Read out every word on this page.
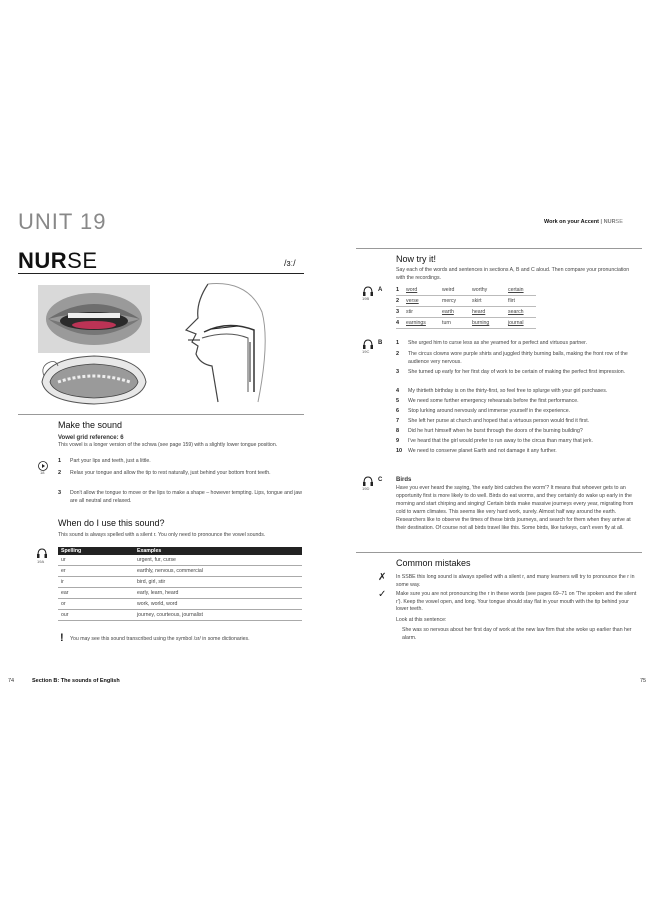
UNIT 19
NURSE	/ɜː/
Make the sound
Vowel grid reference: 6
This vowel is a longer version of the schwa (see page 159) with a slightly lower tongue position.
18
1 Part your lips and teeth, just a little.
2 Relax your tongue and allow the tip to rest naturally, just behind your bottom front teeth.
3 Don't allow the tongue to move or the lips to make a shape – however tempting. Lips, tongue and jaw are all neutral and relaxed.
When do I use this sound?
This sound is always spelled with a silent r. You only need to pronounce the vowel sounds.
19A
Spelling	Examples
ur	urgent, fur, curse
er	earthly, nervous, commercial
ir	bird, girl, stir
ear	early, learn, heard
or	work, world, word
our	journey, courteous, journalist
! You may see this sound transcribed using the symbol /ɜr/ in some dictionaries.
74	Section B: The sounds of English
Work on your Accent | NURSE
Now try it!
Say each of the words and sentences in sections A, B and C aloud. Then compare your pronunciation with the recordings.
19B
A 1 word	weird	worthy	certain
2 verse	mercy	skirt	flirt
3 stir	earth	heard	search
4 earnings	turn	burning	journal
19C
B 1 She urged him to curse less as she yearned for a perfect and virtuous partner.
2 The circus clowns wore purple shirts and juggled thirty burning balls, making the front row of the audience very nervous.
3 She turned up early for her first day of work to be certain of making the perfect first impression.
4 My thirtieth birthday is on the thirty-first, so feel free to splurge with your girl purchases.
5 We need some further emergency rehearsals before the first performance.
6 Stop lurking around nervously and immerse yourself in the experience.
7 She left her purse at church and hoped that a virtuous person would find it first.
8 Did he hurt himself when he burst through the doors of the burning building?
9 I've heard that the girl would prefer to run away to the circus than marry that jerk.
10 We need to conserve planet Earth and not damage it any further.
19D
C Birds
Have you ever heard the saying, 'the early bird catches the worm'? It means that whoever gets to an opportunity first is more likely to do well. Birds do eat worms, and they certainly do wake up early in the morning and start chirping and singing! Certain birds make massive journeys every year, migrating from cold to warm climates. This seems like very hard work, surely. Almost half way around the earth. Researchers like to observe the times of these birds journeys, and search for them when they arrive at their destination. Of course not all birds travel like this. Some birds, like turkeys, can't even fly at all.
Common mistakes
✗ In SSBE this long sound is always spelled with a silent r, and many learners will try to pronounce the r in some way.
✓ Make sure you are not pronouncing the r in these words (see pages 69–71 on 'The spoken and the silent r'). Keep the vowel open, and long. Your tongue should stay flat in your mouth with the tip behind your lower teeth.
Look at this sentence:
She was so nervous about her first day of work at the new law firm that she woke up earlier than her alarm.
75
